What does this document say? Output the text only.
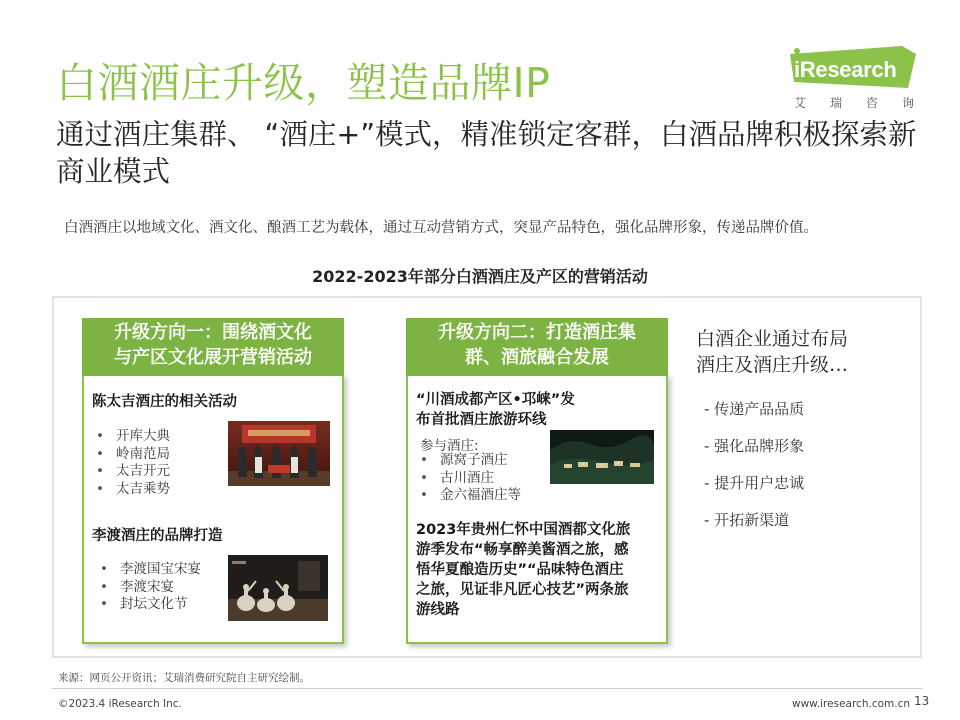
白酒酒庄升级，塑造品牌IP
通过酒庄集群、 “酒庄+”模式，精准锁定客群，白酒品牌积极探索新商业模式
白酒酒庄以地域文化、酒文化、酿酒工艺为载体，通过互动营销方式，突显产品特色，强化品牌形象，传递品牌价值。
iResearch
艾 瑞 咨 询
2022-2023年部分白酒酒庄及产区的营销活动
升级方向一：围绕酒文化
与产区文化展开营销活动
陈太吉酒庄的相关活动
• 开库大典
• 岭南范局
• 太吉开元
• 太吉乘势
李渡酒庄的品牌打造
• 李渡国宝宋宴
• 李渡宋宴
• 封坛文化节
升级方向二：打造酒庄集
群、酒旅融合发展
“川酒成都产区•邛崃”发
布首批酒庄旅游环线
参与酒庄:
• 源窝子酒庄
• 古川酒庄
• 金六福酒庄等
2023年贵州仁怀中国酒都文化旅
游季发布“畅享醉美酱酒之旅，感
悟华夏酿造历史”“品味特色酒庄
之旅，见证非凡匠心技艺”两条旅
游线路
白酒企业通过布局
酒庄及酒庄升级…
- 传递产品品质
- 强化品牌形象
- 提升用户忠诚
- 开拓新渠道
来源：网页公开资讯；艾瑞消费研究院自主研究绘制。
©2023.4 iResearch Inc.	www.iresearch.com.cn 13
